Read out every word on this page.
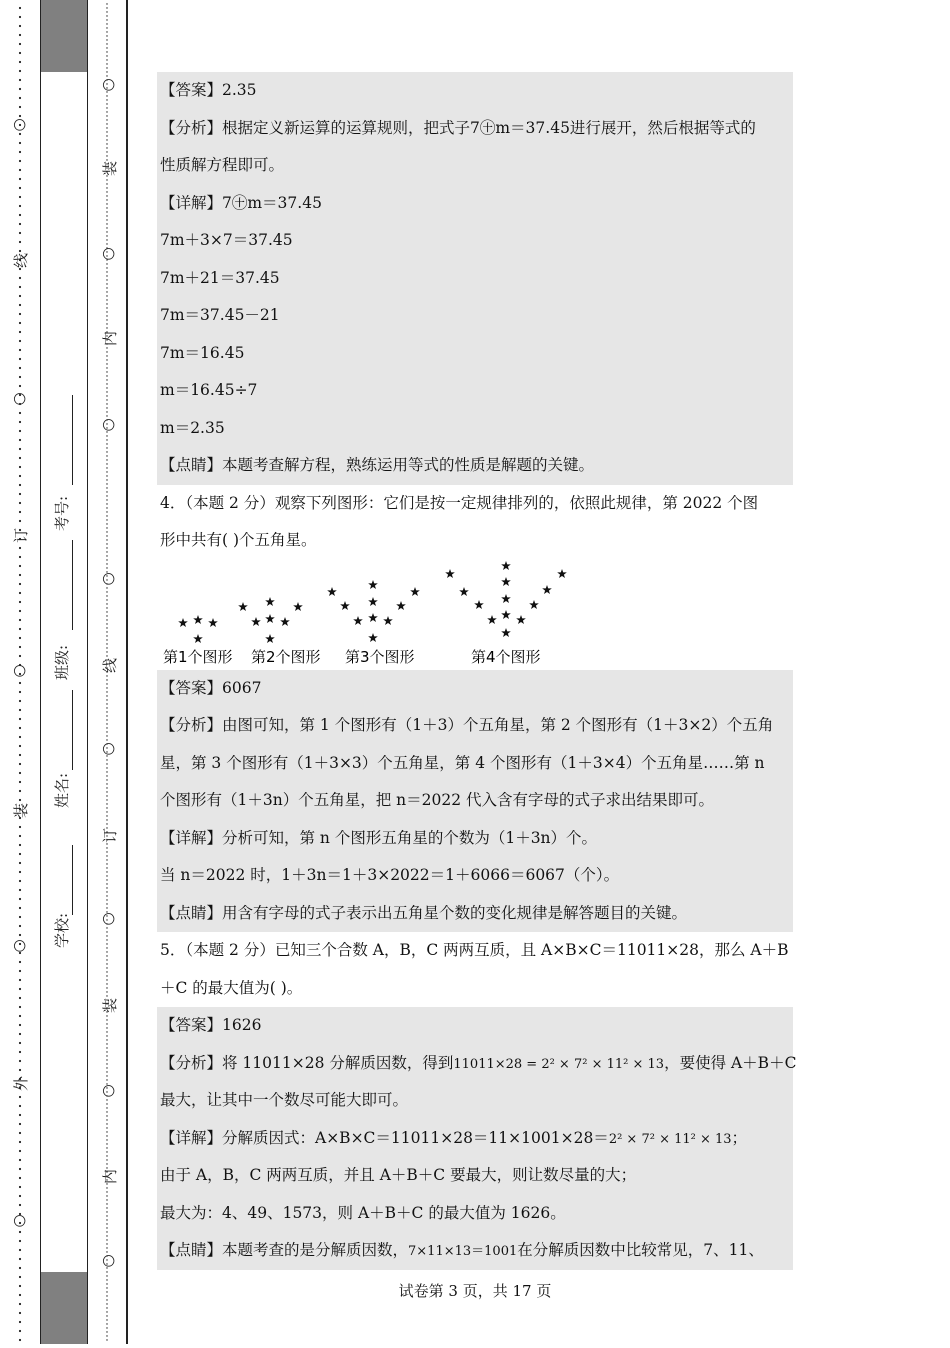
○
线
○
订
○
装
○
外
○
学校:
姓名:
班级:
考号:
○
装
○
内
○
○
线
○
订
○
装
○
内
○
【答案】2.35
【分析】根据定义新运算的运算规则，把式子7㊉m＝37.45进行展开，然后根据等式的
性质解方程即可。
【详解】7㊉m＝37.45
7m＋3×7＝37.45
7m＋21＝37.45
7m＝37.45－21
7m＝16.45
m＝16.45÷7
m＝2.35
【点睛】本题考查解方程，熟练运用等式的性质是解题的关键。
4．（本题 2 分）观察下列图形：它们是按一定规律排列的，依照此规律，第 2022 个图
形中共有( )个五角星。
第1个图形 第2个图形 第3个图形	第4个图形
【答案】6067
【分析】由图可知，第 1 个图形有（1＋3）个五角星，第 2 个图形有（1＋3×2）个五角
星，第 3 个图形有（1＋3×3）个五角星，第 4 个图形有（1＋3×4）个五角星……第 n
个图形有（1＋3n）个五角星，把 n＝2022 代入含有字母的式子求出结果即可。
【详解】分析可知，第 n 个图形五角星的个数为（1＋3n）个。
当 n＝2022 时，1＋3n＝1＋3×2022＝1＋6066＝6067（个）。
【点睛】用含有字母的式子表示出五角星个数的变化规律是解答题目的关键。
5．（本题 2 分）已知三个合数 A，B，C 两两互质，且 A×B×C＝11011×28，那么 A＋B
＋C 的最大值为( )。
【答案】1626
【分析】将 11011×28 分解质因数，得到11011×28 = 2² × 7² × 11² × 13，要使得 A＋B＋C
最大，让其中一个数尽可能大即可。
【详解】分解质因式：A×B×C＝11011×28＝11×1001×28＝2² × 7² × 11² × 13；
由于 A，B，C 两两互质，并且 A＋B＋C 要最大，则让数尽量的大；
最大为：4、49、1573，则 A＋B＋C 的最大值为 1626。
【点睛】本题考查的是分解质因数，7×11×13＝1001在分解质因数中比较常见，7、11、
试卷第 3 页，共 17 页
